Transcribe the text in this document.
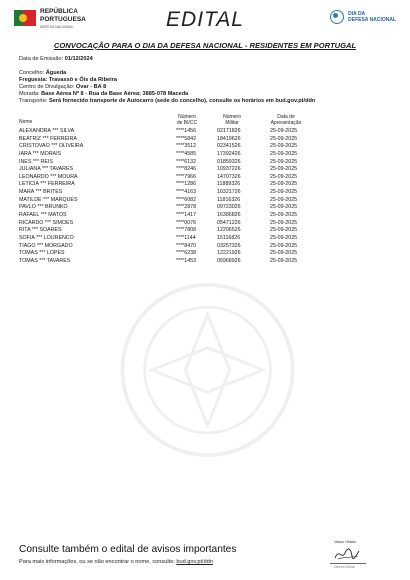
REPÚBLICA
PORTUGUESA
DEFESA NACIONAL	EDITAL	DIA DA
DEFESA NACIONAL
CONVOCAÇÃO PARA O DIA DA DEFESA NACIONAL - RESIDENTES EM PORTUGAL
Data de Emissão: 01/12/2024
Concelho: Águeda
Freguesia: Travassô e Óis da Ribeira
Centro de Divulgação: Ovar - BA 8
Morada: Base Aérea Nº 8 - Rua da Base Aérea; 3885-078 Maceda
Transporte: Será fornecido transporte de Autocarro (sede do concelho), consulte os horários em bud.gov.pt/ddn
Nome
Número
de BI/CC
Número
Militar
Data de
Apresentação
ALEXANDRA *** SILVA	****1456	02171826	25-09-2025
BEATRIZ *** FERREIRA	****5842	18419626	25-09-2025
CRISTOVAO *** OLIVEIRA	****3512	02341526	25-09-2025
IARA *** MORAIS	****4585	17392426	25-09-2025
INES *** REIS	****6132	01859326	25-09-2025
JULIANA *** TAVARES	****8246	10937226	25-09-2025
LEONARDO *** MOURA	****7966	14707326	25-09-2025
LETICIA *** FERREIRA	****1286	11889326	25-09-2025
MARA *** BRITES	****4163	10321726	25-09-2025
MATILDE *** MARQUES	****6082	11816326	25-09-2025
PAVLO *** BRUNKO	****2878	09723026	25-09-2025
RAFAEL *** MATOS	****1417	16386826	25-09-2025
RICARDO *** SIMOES	****0076	05471226	25-09-2025
RITA *** SOARES	****7808	12206526	25-09-2025
SOFIA *** LOURENCO	****1144	15116826	25-09-2025
TIAGO *** MORGADO	****8470	03257326	25-09-2025
TOMAS *** LOPES	****6238	12221926	25-09-2025
TOMAS *** TAVARES	****1453	05968926	25-09-2025
Consulte também o edital de avisos importantes
Para mais informações, ou se não encontrar o nome, consulte: bud.gov.pt/ddn
Vasco Hilário
Diretor-Geral
